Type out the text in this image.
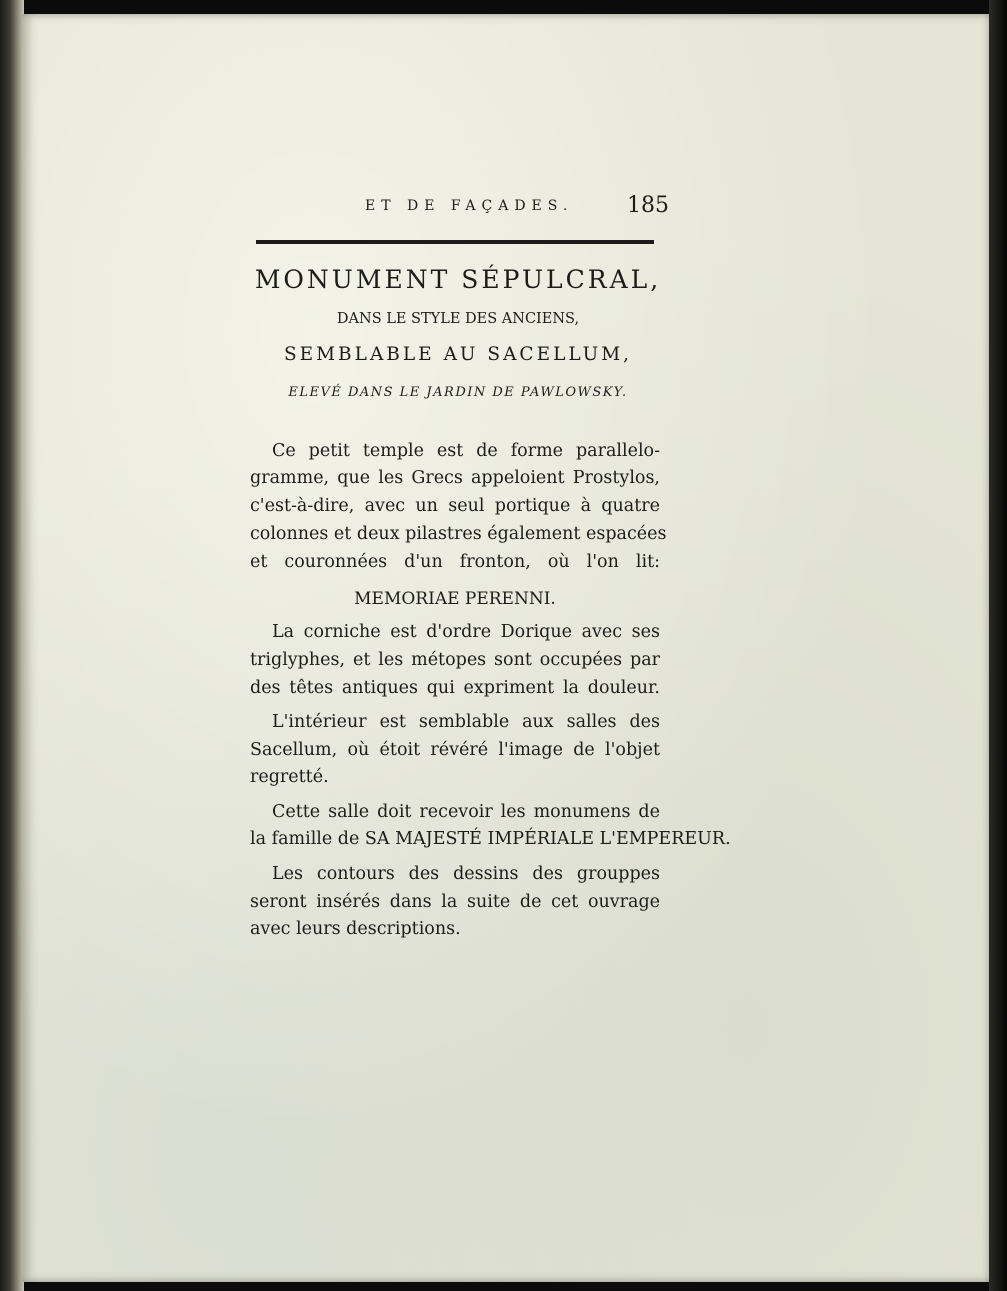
ET DE FAÇADES. 185
MONUMENT SÉPULCRAL,
DANS LE STYLE DES ANCIENS,
SEMBLABLE AU SACELLUM,
ELEVÉ DANS LE JARDIN DE PAWLOWSKY.
Ce petit temple est de forme parallelo-
gramme, que les Grecs appeloient Prostylos,
c'est-à-dire, avec un seul portique à quatre
colonnes et deux pilastres également espacées
et couronnées d'un fronton, où l'on lit:
MEMORIAE PERENNI.
La corniche est d'ordre Dorique avec ses
triglyphes, et les métopes sont occupées par
des têtes antiques qui expriment la douleur.
L'intérieur est semblable aux salles des
Sacellum, où étoit révéré l'image de l'objet
regretté.
Cette salle doit recevoir les monumens de
la famille de SA MAJESTÉ IMPÉRIALE L'EMPEREUR.
Les contours des dessins des grouppes
seront insérés dans la suite de cet ouvrage
avec leurs descriptions.
